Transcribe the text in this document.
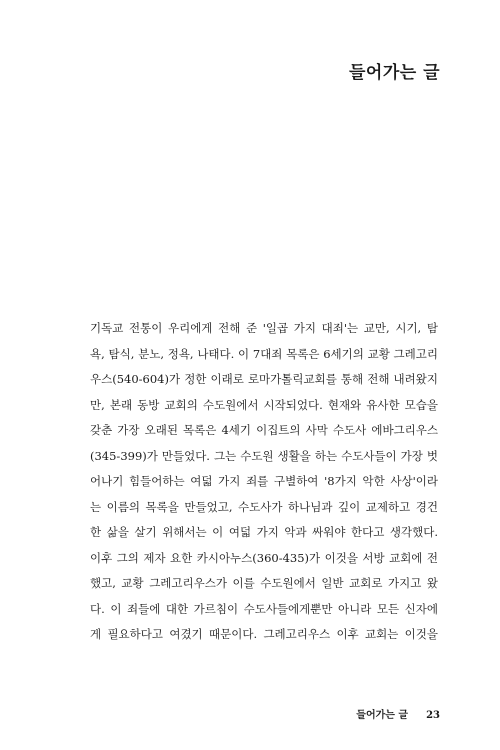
들어가는 글
기독교 전통이 우리에게 전해 준 '일곱 가지 대죄'는 교만, 시기, 탐
욕, 탐식, 분노, 정욕, 나태다. 이 7대죄 목록은 6세기의 교황 그레고리
우스(540-604)가 정한 이래로 로마가톨릭교회를 통해 전해 내려왔지
만, 본래 동방 교회의 수도원에서 시작되었다. 현재와 유사한 모습을
갖춘 가장 오래된 목록은 4세기 이집트의 사막 수도사 에바그리우스
(345-399)가 만들었다. 그는 수도원 생활을 하는 수도사들이 가장 벗
어나기 힘들어하는 여덟 가지 죄를 구별하여 '8가지 악한 사상'이라
는 이름의 목록을 만들었고, 수도사가 하나님과 깊이 교제하고 경건
한 삶을 살기 위해서는 이 여덟 가지 악과 싸워야 한다고 생각했다.
이후 그의 제자 요한 카시아누스(360-435)가 이것을 서방 교회에 전
했고, 교황 그레고리우스가 이를 수도원에서 일반 교회로 가지고 왔
다. 이 죄들에 대한 가르침이 수도사들에게뿐만 아니라 모든 신자에
게 필요하다고 여겼기 때문이다. 그레고리우스 이후 교회는 이것을
들어가는 글 23
